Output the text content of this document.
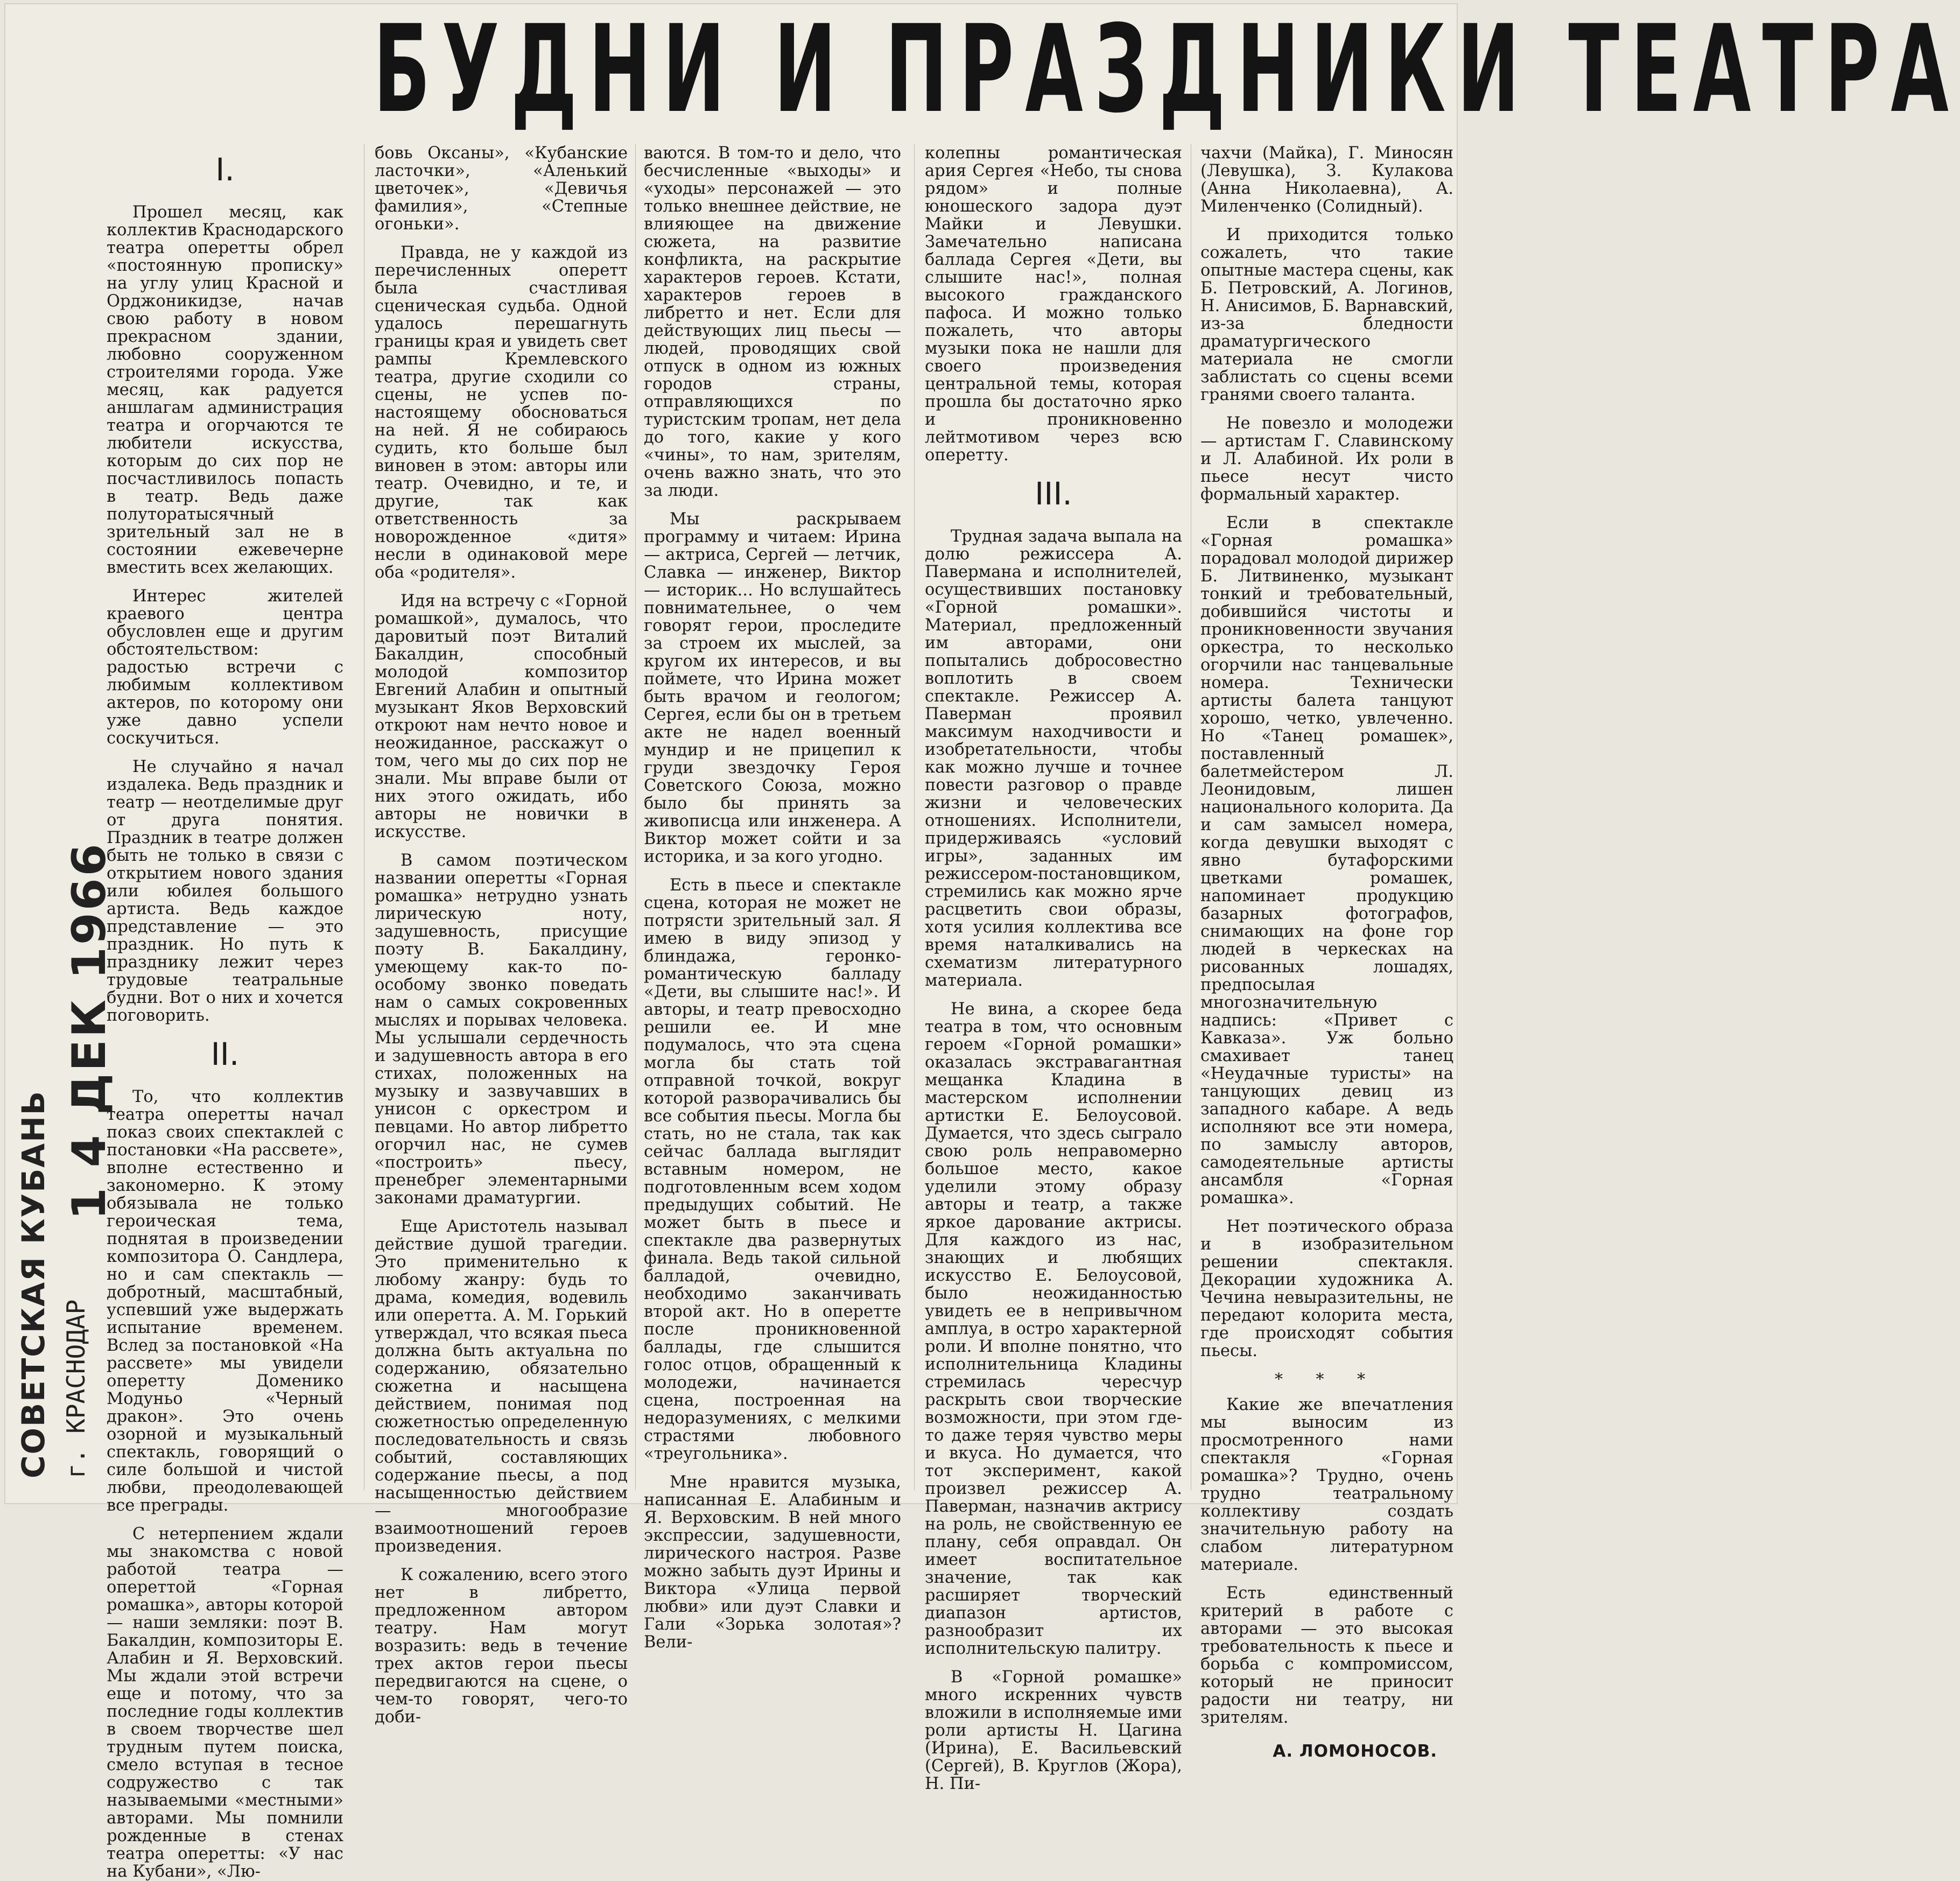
БУДНИ И ПРАЗДНИКИ ТЕАТРА
1 4 ДЕК 1966
СОВЕТСКАЯ КУБАНЬ г. КРАСНОДАР
I.

Прошел месяц, как коллектив Краснодарского театра оперетты обрел «постоянную прописку» на углу улиц Красной и Орджоникидзе, начав свою работу в новом прекрасном здании, любовно сооруженном строителями города. Уже месяц, как радуется аншлагам администрация театра и огорчаются те любители искусства, которым до сих пор не посчастливилось попасть в театр. Ведь даже полуторатысячный зрительный зал не в состоянии ежевечерне вместить всех желающих.

Интерес жителей краевого центра обусловлен еще и другим обстоятельством: радостью встречи с любимым коллективом актеров, по которому они уже давно успели соскучиться.

Не случайно я начал издалека. Ведь праздник и театр — неотделимые друг от друга понятия. Праздник в театре должен быть не только в связи с открытием нового здания или юбилея большого артиста. Ведь каждое представление — это праздник. Но путь к празднику лежит через трудовые театральные будни. Вот о них и хочется поговорить.

II.

То, что коллектив театра оперетты начал показ своих спектаклей с постановки «На рассвете», вполне естественно и закономерно. К этому обязывала не только героическая тема, поднятая в произведении композитора О. Сандлера, но и сам спектакль — добротный, масштабный, успевший уже выдержать испытание временем. Вслед за постановкой «На рассвете» мы увидели оперетту Доменико Модуньо «Черный дракон». Это очень озорной и музыкальный спектакль, говорящий о силе большой и чистой любви, преодолевающей все преграды.

С нетерпением ждали мы знакомства с новой работой театра — опереттой «Горная ромашка», авторы которой — наши земляки: поэт В. Бакалдин, композиторы Е. Алабин и Я. Верховский. Мы ждали этой встречи еще и потому, что за последние годы коллектив в своем творчестве шел трудным путем поиска, смело вступая в тесное содружество с так называемыми «местными» авторами. Мы помнили рожденные в стенах театра оперетты: «У нас на Кубани», «Лю-

бовь Оксаны», «Кубанские ласточки», «Аленький цветочек», «Девичья фамилия», «Степные огоньки».

Правда, не у каждой из перечисленных оперетт была счастливая сценическая судьба. Одной удалось перешагнуть границы края и увидеть свет рампы Кремлевского театра, другие сходили со сцены, не успев по-настоящему обосноваться на ней. Я не собираюсь судить, кто больше был виновен в этом: авторы или театр. Очевидно, и те, и другие, так как ответственность за новорожденное «дитя» несли в одинаковой мере оба «родителя».

Идя на встречу с «Горной ромашкой», думалось, что даровитый поэт Виталий Бакалдин, способный молодой композитор Евгений Алабин и опытный музыкант Яков Верховский откроют нам нечто новое и неожиданное, расскажут о том, чего мы до сих пор не знали. Мы вправе были от них этого ожидать, ибо авторы не новички в искусстве.

В самом поэтическом названии оперетты «Горная ромашка» нетрудно узнать лирическую ноту, задушевность, присущие поэту В. Бакалдину, умеющему как-то по-особому звонко поведать нам о самых сокровенных мыслях и порывах человека. Мы услышали сердечность и задушевность автора в его стихах, положенных на музыку и зазвучавших в унисон с оркестром и певцами. Но автор либретто огорчил нас, не сумев «построить» пьесу, пренебрег элементарными законами драматургии.

Еще Аристотель называл действие душой трагедии. Это применительно к любому жанру: будь то драма, комедия, водевиль или оперетта. А. М. Горький утверждал, что всякая пьеса должна быть актуальна по содержанию, обязательно сюжетна и насыщена действием, понимая под сюжетностью определенную последовательность и связь событий, составляющих содержание пьесы, а под насыщенностью действием — многообразие взаимоотношений героев произведения.

К сожалению, всего этого нет в либретто, предложенном автором театру. Нам могут возразить: ведь в течение трех актов герои пьесы передвигаются на сцене, о чем-то говорят, чего-то доби-

ваются. В том-то и дело, что бесчисленные «выходы» и «уходы» персонажей — это только внешнее действие, не влияющее на движение сюжета, на развитие конфликта, на раскрытие характеров героев. Кстати, характеров героев в либретто и нет. Если для действующих лиц пьесы — людей, проводящих свой отпуск в одном из южных городов страны, отправляющихся по туристским тропам, нет дела до того, какие у кого «чины», то нам, зрителям, очень важно знать, что это за люди.

Мы раскрываем программу и читаем: Ирина — актриса, Сергей — летчик, Славка — инженер, Виктор — историк... Но вслушайтесь повнимательнее, о чем говорят герои, проследите за строем их мыслей, за кругом их интересов, и вы поймете, что Ирина может быть врачом и геологом; Сергея, если бы он в третьем акте не надел военный мундир и не прицепил к груди звездочку Героя Советского Союза, можно было бы принять за живописца или инженера. А Виктор может сойти и за историка, и за кого угодно.

Есть в пьесе и спектакле сцена, которая не может не потрясти зрительный зал. Я имею в виду эпизод у блиндажа, геронко-романтическую балладу «Дети, вы слышите нас!». И авторы, и театр превосходно решили ее. И мне подумалось, что эта сцена могла бы стать той отправной точкой, вокруг которой разворачивались бы все события пьесы. Могла бы стать, но не стала, так как сейчас баллада выглядит вставным номером, не подготовленным всем ходом предыдущих событий. Не может быть в пьесе и спектакле два развернутых финала. Ведь такой сильной балладой, очевидно, необходимо заканчивать второй акт. Но в оперетте после проникновенной баллады, где слышится голос отцов, обращенный к молодежи, начинается сцена, построенная на недоразумениях, с мелкими страстями любовного «треугольника».

Мне нравится музыка, написанная Е. Алабиным и Я. Верховским. В ней много экспрессии, задушевности, лирического настроя. Разве можно забыть дуэт Ирины и Виктора «Улица первой любви» или дуэт Славки и Гали «Зорька золотая»? Вели-

колепны романтическая ария Сергея «Небо, ты снова рядом» и полные юношеского задора дуэт Майки и Левушки. Замечательно написана баллада Сергея «Дети, вы слышите нас!», полная высокого гражданского пафоса. И можно только пожалеть, что авторы музыки пока не нашли для своего произведения центральной темы, которая прошла бы достаточно ярко и проникновенно лейтмотивом через всю оперетту.

III.

Трудная задача выпала на долю режиссера А. Павермана и исполнителей, осуществивших постановку «Горной ромашки». Материал, предложенный им авторами, они попытались добросовестно воплотить в своем спектакле. Режиссер А. Паверман проявил максимум находчивости и изобретательности, чтобы как можно лучше и точнее повести разговор о правде жизни и человеческих отношениях. Исполнители, придерживаясь «условий игры», заданных им режиссером-постановщиком, стремились как можно ярче расцветить свои образы, хотя усилия коллектива все время наталкивались на схематизм литературного материала.

Не вина, а скорее беда театра в том, что основным героем «Горной ромашки» оказалась экстравагантная мещанка Кладина в мастерском исполнении артистки Е. Белоусовой. Думается, что здесь сыграло свою роль неправомерно большое место, какое уделили этому образу авторы и театр, а также яркое дарование актрисы. Для каждого из нас, знающих и любящих искусство Е. Белоусовой, было неожиданностью увидеть ее в непривычном амплуа, в остро характерной роли. И вполне понятно, что исполнительница Кладины стремилась чересчур раскрыть свои творческие возможности, при этом где-то даже теряя чувство меры и вкуса. Но думается, что тот эксперимент, какой произвел режиссер А. Паверман, назначив актрису на роль, не свойственную ее плану, себя оправдал. Он имеет воспитательное значение, так как расширяет творческий диапазон артистов, разнообразит их исполнительскую палитру.

В «Горной ромашке» много искренних чувств вложили в исполняемые ими роли артисты Н. Цагина (Ирина), Е. Васильевский (Сергей), В. Круглов (Жора), Н. Пи-

чахчи (Майка), Г. Миносян (Левушка), З. Кулакова (Анна Николаевна), А. Миленченко (Солидный).

И приходится только сожалеть, что такие опытные мастера сцены, как Б. Петровский, А. Логинов, Н. Анисимов, Б. Варнавский, из-за бледности драматургического материала не смогли заблистать со сцены всеми гранями своего таланта.

Не повезло и молодежи — артистам Г. Славинскому и Л. Алабиной. Их роли в пьесе несут чисто формальный характер.

Если в спектакле «Горная ромашка» порадовал молодой дирижер Б. Литвиненко, музыкант тонкий и требовательный, добившийся чистоты и проникновенности звучания оркестра, то несколько огорчили нас танцевальные номера. Технически артисты балета танцуют хорошо, четко, увлеченно. Но «Танец ромашек», поставленный балетмейстером Л. Леонидовым, лишен национального колорита. Да и сам замысел номера, когда девушки выходят с явно бутафорскими цветками ромашек, напоминает продукцию базарных фотографов, снимающих на фоне гор людей в черкесках на рисованных лошадях, предпосылая многозначительную надпись: «Привет с Кавказа». Уж больно смахивает танец «Неудачные туристы» на танцующих девиц из западного кабаре. А ведь исполняют все эти номера, по замыслу авторов, самодеятельные артисты ансамбля «Горная ромашка».

Нет поэтического образа и в изобразительном решении спектакля. Декорации художника А. Чечина невыразительны, не передают колорита места, где происходят события пьесы.

* * *

Какие же впечатления мы выносим из просмотренного нами спектакля «Горная ромашка»? Трудно, очень трудно театральному коллективу создать значительную работу на слабом литературном материале.

Есть единственный критерий в работе с авторами — это высокая требовательность к пьесе и борьба с компромиссом, который не приносит радости ни театру, ни зрителям.

А. ЛОМОНОСОВ.
